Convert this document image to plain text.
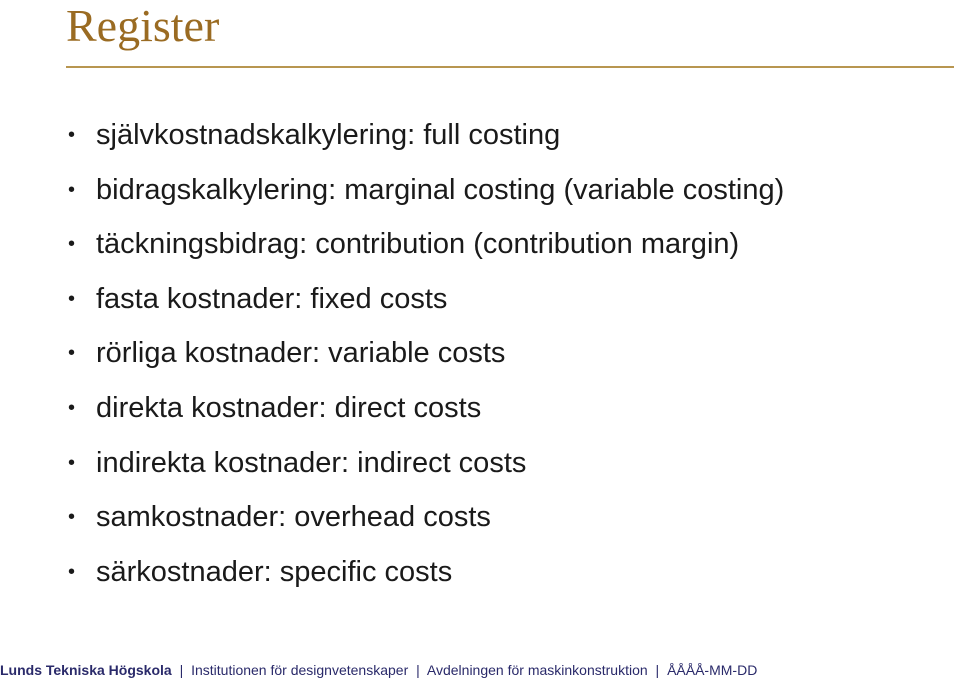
Register
• självkostnadskalkylering: full costing
• bidragskalkylering: marginal costing (variable costing)
• täckningsbidrag: contribution (contribution margin)
• fasta kostnader: fixed costs
• rörliga kostnader: variable costs
• direkta kostnader: direct costs
• indirekta kostnader: indirect costs
• samkostnader: overhead costs
• särkostnader: specific costs
Lunds Tekniska Högskola | Institutionen för designvetenskaper | Avdelningen för maskinkonstruktion | ÅÅÅÅ-MM-DD
